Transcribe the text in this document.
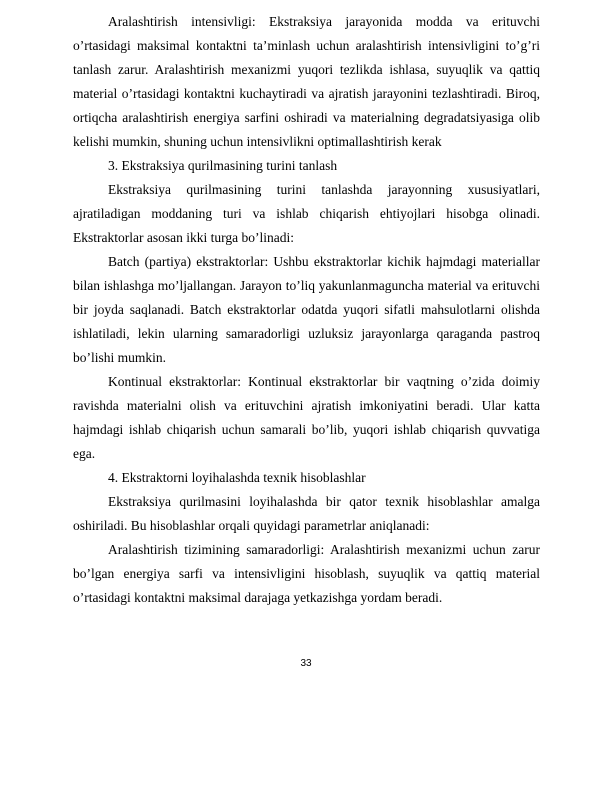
Aralashtirish intensivligi: Ekstraksiya jarayonida modda va erituvchi o’rtasidagi maksimal kontaktni ta’minlash uchun aralashtirish intensivligini to’g’ri tanlash zarur. Aralashtirish mexanizmi yuqori tezlikda ishlasa, suyuqlik va qattiq material o’rtasidagi kontaktni kuchaytiradi va ajratish jarayonini tezlashtiradi. Biroq, ortiqcha aralashtirish energiya sarfini oshiradi va materialning degradatsiyasiga olib kelishi mumkin, shuning uchun intensivlikni optimallashtirish kerak

3. Ekstraksiya qurilmasining turini tanlash

Ekstraksiya qurilmasining turini tanlashda jarayonning xususiyatlari, ajratiladigan moddaning turi va ishlab chiqarish ehtiyojlari hisobga olinadi. Ekstraktorlar asosan ikki turga bo’linadi:

Batch (partiya) ekstraktorlar: Ushbu ekstraktorlar kichik hajmdagi materiallar bilan ishlashga mo’ljallangan. Jarayon to’liq yakunlanmaguncha material va erituvchi bir joyda saqlanadi. Batch ekstraktorlar odatda yuqori sifatli mahsulotlarni olishda ishlatiladi, lekin ularning samaradorligi uzluksiz jarayonlarga qaraganda pastroq bo’lishi mumkin.

Kontinual ekstraktorlar: Kontinual ekstraktorlar bir vaqtning o’zida doimiy ravishda materialni olish va erituvchini ajratish imkoniyatini beradi. Ular katta hajmdagi ishlab chiqarish uchun samarali bo’lib, yuqori ishlab chiqarish quvvatiga ega.

4. Ekstraktorni loyihalashda texnik hisoblashlar

Ekstraksiya qurilmasini loyihalashda bir qator texnik hisoblashlar amalga oshiriladi. Bu hisoblashlar orqali quyidagi parametrlar aniqlanadi:

Aralashtirish tizimining samaradorligi: Aralashtirish mexanizmi uchun zarur bo’lgan energiya sarfi va intensivligini hisoblash, suyuqlik va qattiq material o’rtasidagi kontaktni maksimal darajaga yetkazishga yordam beradi.

33
